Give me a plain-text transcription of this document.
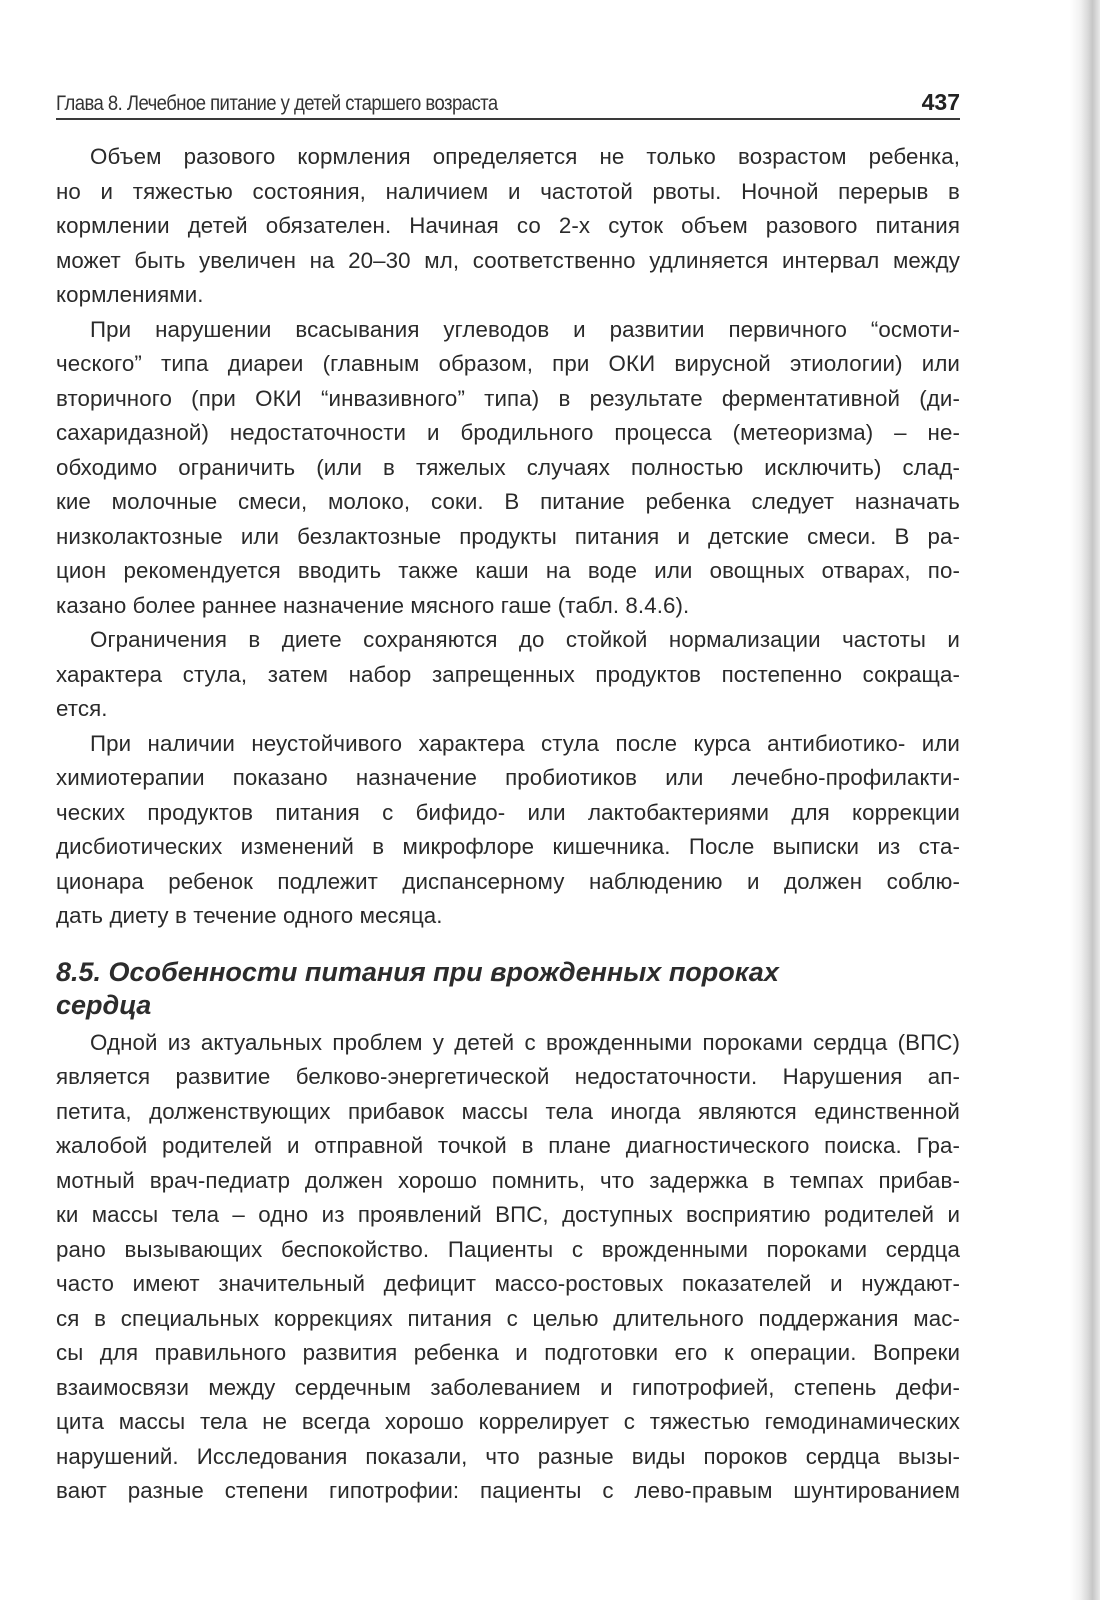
Глава 8. Лечебное питание у детей старшего возраста	437

Объем разового кормления определяется не только возрастом ребенка,
но и тяжестью состояния, наличием и частотой рвоты. Ночной перерыв в
кормлении детей обязателен. Начиная со 2-х суток объем разового питания
может быть увеличен на 20–30 мл, соответственно удлиняется интервал между
кормлениями.

При нарушении всасывания углеводов и развитии первичного “осмоти-
ческого” типа диареи (главным образом, при ОКИ вирусной этиологии) или
вторичного (при ОКИ “инвазивного” типа) в результате ферментативной (ди-
сахаридазной) недостаточности и бродильного процесса (метеоризма) – не-
обходимо ограничить (или в тяжелых случаях полностью исключить) слад-
кие молочные смеси, молоко, соки. В питание ребенка следует назначать
низколактозные или безлактозные продукты питания и детские смеси. В ра-
цион рекомендуется вводить также каши на воде или овощных отварах, по-
казано более раннее назначение мясного гаше (табл. 8.4.6).

Ограничения в диете сохраняются до стойкой нормализации частоты и
характера стула, затем набор запрещенных продуктов постепенно сокраща-
ется.

При наличии неустойчивого характера стула после курса антибиотико- или
химиотерапии показано назначение пробиотиков или лечебно-профилакти-
ческих продуктов питания с бифидо- или лактобактериями для коррекции
дисбиотических изменений в микрофлоре кишечника. После выписки из ста-
ционара ребенок подлежит диспансерному наблюдению и должен соблю-
дать диету в течение одного месяца.

8.5. Особенности питания при врожденных пороках
сердца

Одной из актуальных проблем у детей с врожденными пороками сердца (ВПС)
является развитие белково-энергетической недостаточности. Нарушения ап-
петита, долженствующих прибавок массы тела иногда являются единственной
жалобой родителей и отправной точкой в плане диагностического поиска. Гра-
мотный врач-педиатр должен хорошо помнить, что задержка в темпах прибав-
ки массы тела – одно из проявлений ВПС, доступных восприятию родителей и
рано вызывающих беспокойство. Пациенты с врожденными пороками сердца
часто имеют значительный дефицит массо-ростовых показателей и нуждают-
ся в специальных коррекциях питания с целью длительного поддержания мас-
сы для правильного развития ребенка и подготовки его к операции. Вопреки
взаимосвязи между сердечным заболеванием и гипотрофией, степень дефи-
цита массы тела не всегда хорошо коррелирует с тяжестью гемодинамических
нарушений. Исследования показали, что разные виды пороков сердца вызы-
вают разные степени гипотрофии: пациенты с лево-правым шунтированием
